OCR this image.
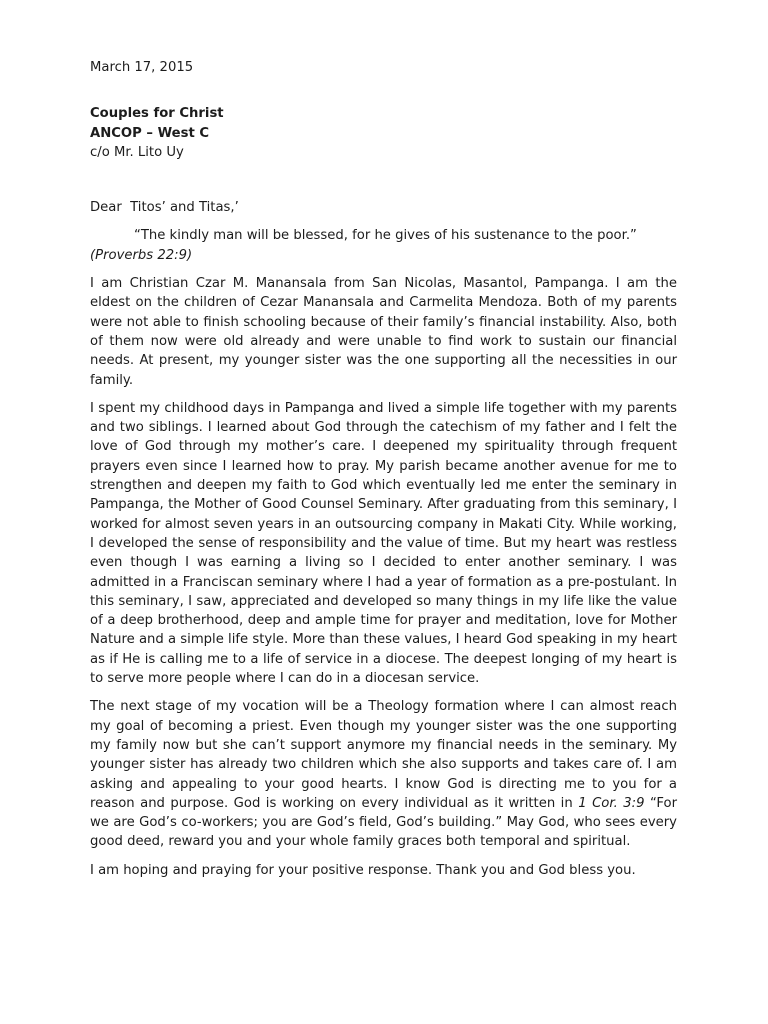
March 17, 2015

Couples for Christ
ANCOP – West C
c/o Mr. Lito Uy

Dear  Titos’ and Titas,’

“The kindly man will be blessed, for he gives of his sustenance to the poor.”
(Proverbs 22:9)

I am Christian Czar M. Manansala from San Nicolas, Masantol, Pampanga. I am the eldest on the children of Cezar Manansala and Carmelita Mendoza. Both of my parents were not able to finish schooling because of their family’s financial instability. Also, both of them now were old already and were unable to find work to sustain our financial needs. At present, my younger sister was the one supporting all the necessities in our family.

I spent my childhood days in Pampanga and lived a simple life together with my parents and two siblings. I learned about God through the catechism of my father and I felt the love of God through my mother’s care. I deepened my spirituality through frequent prayers even since I learned how to pray. My parish became another avenue for me to strengthen and deepen my faith to God which eventually led me enter the seminary in Pampanga, the Mother of Good Counsel Seminary. After graduating from this seminary, I worked for almost seven years in an outsourcing company in Makati City. While working, I developed the sense of responsibility and the value of time. But my heart was restless even though I was earning a living so I decided to enter another seminary. I was admitted in a Franciscan seminary where I had a year of formation as a pre-postulant. In this seminary, I saw, appreciated and developed so many things in my life like the value of a deep brotherhood, deep and ample time for prayer and meditation, love for Mother Nature and a simple life style. More than these values, I heard God speaking in my heart as if He is calling me to a life of service in a diocese. The deepest longing of my heart is to serve more people where I can do in a diocesan service.

The next stage of my vocation will be a Theology formation where I can almost reach my goal of becoming a priest. Even though my younger sister was the one supporting my family now but she can’t support anymore my financial needs in the seminary. My younger sister has already two children which she also supports and takes care of. I am asking and appealing to your good hearts. I know God is directing me to you for a reason and purpose. God is working on every individual as it written in 1 Cor. 3:9 “For we are God’s co-workers; you are God’s field, God’s building.” May God, who sees every good deed, reward you and your whole family graces both temporal and spiritual.

I am hoping and praying for your positive response. Thank you and God bless you.
